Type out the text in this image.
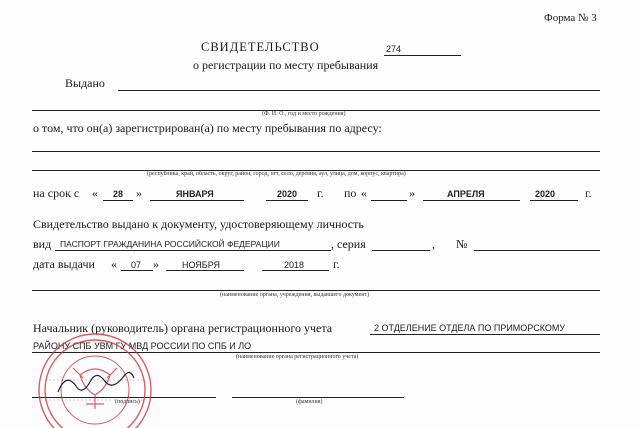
Форма № 3
СВИДЕТЕЛЬСТВО	274
о регистрации по месту пребывания
Выдано
(Ф. И. О., год и место рождения)
о том, что он(а) зарегистрирован(а) по месту пребывания по адресу:
(республика, край, область, округ, район, город, пгт, село, деревня, аул, улица, дом, корпус, квартира)
на срок с « 28 »	ЯНВАРЯ	2020 г. по «	»	АПРЕЛЯ	2020 г.
Свидетельство выдано к документу, удостоверяющему личность
вид ПАСПОРТ ГРАЖДАНИНА РОССИЙСКОЙ ФЕДЕРАЦИИ	, серия	, №
дата выдачи « 07 »	НОЯБРЯ	2018 г.
(наименование органа, учреждения, выдавшего документ)
Начальник (руководитель) органа регистрационного учета	2 ОТДЕЛЕНИЕ ОТДЕЛА ПО ПРИМОРСКОМУ
РАЙОНУ СПБ УВМ ГУ МВД РОССИИ ПО СПБ И ЛО
(наименование органа регистрационного учета)
(подпись)	(фамилия)
